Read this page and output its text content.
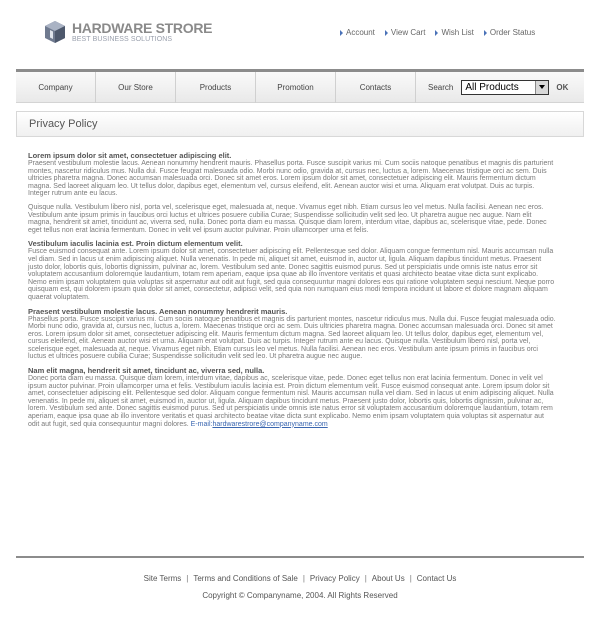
HARDWARE STRORE
BEST BUSINESS SOLUTIONS
Account View Cart Wish List Order Status
Company	Our Store	Products	Promotion	Contacts	Search All Products	OK
Privacy Policy
Lorem ipsum dolor sit amet, consectetuer adipiscing elit.

Praesent vestibulum molestie lacus. Aenean nonummy hendrerit mauris. Phasellus porta. Fusce suscipit varius mi. Cum sociis natoque penatibus et magnis dis parturient montes, nascetur ridiculus mus. Nulla dui. Fusce feugiat malesuada odio. Morbi nunc odio, gravida at, cursus nec, luctus a, lorem. Maecenas tristique orci ac sem. Duis ultricies pharetra magna. Donec accumsan malesuada orci. Donec sit amet eros. Lorem ipsum dolor sit amet, consectetuer adipiscing elit. Mauris fermentum dictum magna. Sed laoreet aliquam leo. Ut tellus dolor, dapibus eget, elementum vel, cursus eleifend, elit. Aenean auctor wisi et urna. Aliquam erat volutpat. Duis ac turpis. Integer rutrum ante eu lacus.

Quisque nulla. Vestibulum libero nisl, porta vel, scelerisque eget, malesuada at, neque. Vivamus eget nibh. Etiam cursus leo vel metus. Nulla facilisi. Aenean nec eros. Vestibulum ante ipsum primis in faucibus orci luctus et ultrices posuere cubilia Curae; Suspendisse sollicitudin velit sed leo. Ut pharetra augue nec augue. Nam elit magna, hendrerit sit amet, tincidunt ac, viverra sed, nulla. Donec porta diam eu massa. Quisque diam lorem, interdum vitae, dapibus ac, scelerisque vitae, pede. Donec eget tellus non erat lacinia fermentum. Donec in velit vel ipsum auctor pulvinar. Proin ullamcorper urna et felis.

Vestibulum iaculis lacinia est. Proin dictum elementum velit.

Fusce euismod consequat ante. Lorem ipsum dolor sit amet, consectetuer adipiscing elit. Pellentesque sed dolor. Aliquam congue fermentum nisl. Mauris accumsan nulla vel diam. Sed in lacus ut enim adipiscing aliquet. Nulla venenatis. In pede mi, aliquet sit amet, euismod in, auctor ut, ligula. Aliquam dapibus tincidunt metus. Praesent justo dolor, lobortis quis, lobortis dignissim, pulvinar ac, lorem. Vestibulum sed ante. Donec sagittis euismod purus. Sed ut perspiciatis unde omnis iste natus error sit voluptatem accusantium doloremque laudantium, totam rem aperiam, eaque ipsa quae ab illo inventore veritatis et quasi architecto beatae vitae dicta sunt explicabo. Nemo enim ipsam voluptatem quia voluptas sit aspernatur aut odit aut fugit, sed quia consequuntur magni dolores eos qui ratione voluptatem sequi nesciunt. Neque porro quisquam est, qui dolorem ipsum quia dolor sit amet, consectetur, adipisci velit, sed quia non numquam eius modi tempora incidunt ut labore et dolore magnam aliquam quaerat voluptatem.

Praesent vestibulum molestie lacus. Aenean nonummy hendrerit mauris.

Phasellus porta. Fusce suscipit varius mi. Cum sociis natoque penatibus et magnis dis parturient montes, nascetur ridiculus mus. Nulla dui. Fusce feugiat malesuada odio. Morbi nunc odio, gravida at, cursus nec, luctus a, lorem. Maecenas tristique orci ac sem. Duis ultricies pharetra magna. Donec accumsan malesuada orci. Donec sit amet eros. Lorem ipsum dolor sit amet, consectetuer adipiscing elit. Mauris fermentum dictum magna. Sed laoreet aliquam leo. Ut tellus dolor, dapibus eget, elementum vel, cursus eleifend, elit. Aenean auctor wisi et urna. Aliquam erat volutpat. Duis ac turpis. Integer rutrum ante eu lacus. Quisque nulla. Vestibulum libero nisl, porta vel, scelerisque eget, malesuada at, neque. Vivamus eget nibh. Etiam cursus leo vel metus. Nulla facilisi. Aenean nec eros. Vestibulum ante ipsum primis in faucibus orci luctus et ultrices posuere cubilia Curae; Suspendisse sollicitudin velit sed leo. Ut pharetra augue nec augue.

Nam elit magna, hendrerit sit amet, tincidunt ac, viverra sed, nulla.

Donec porta diam eu massa. Quisque diam lorem, interdum vitae, dapibus ac, scelerisque vitae, pede. Donec eget tellus non erat lacinia fermentum. Donec in velit vel ipsum auctor pulvinar. Proin ullamcorper urna et felis. Vestibulum iaculis lacinia est. Proin dictum elementum velit. Fusce euismod consequat ante. Lorem ipsum dolor sit amet, consectetuer adipiscing elit. Pellentesque sed dolor. Aliquam congue fermentum nisl. Mauris accumsan nulla vel diam. Sed in lacus ut enim adipiscing aliquet. Nulla venenatis. In pede mi, aliquet sit amet, euismod in, auctor ut, ligula. Aliquam dapibus tincidunt metus. Praesent justo dolor, lobortis quis, lobortis dignissim, pulvinar ac, lorem. Vestibulum sed ante. Donec sagittis euismod purus. Sed ut perspiciatis unde omnis iste natus error sit voluptatem accusantium doloremque laudantium, totam rem aperiam, eaque ipsa quae ab illo inventore veritatis et quasi architecto beatae vitae dicta sunt explicabo. Nemo enim ipsam voluptatem quia voluptas sit aspernatur aut odit aut fugit, sed quia consequuntur magni dolores. E-mail:hardwarestrore@companyname.com

Site Terms | Terms and Conditions of Sale | Privacy Policy | About Us | Contact Us
Copyright © Companyname, 2004. All Rights Reserved
